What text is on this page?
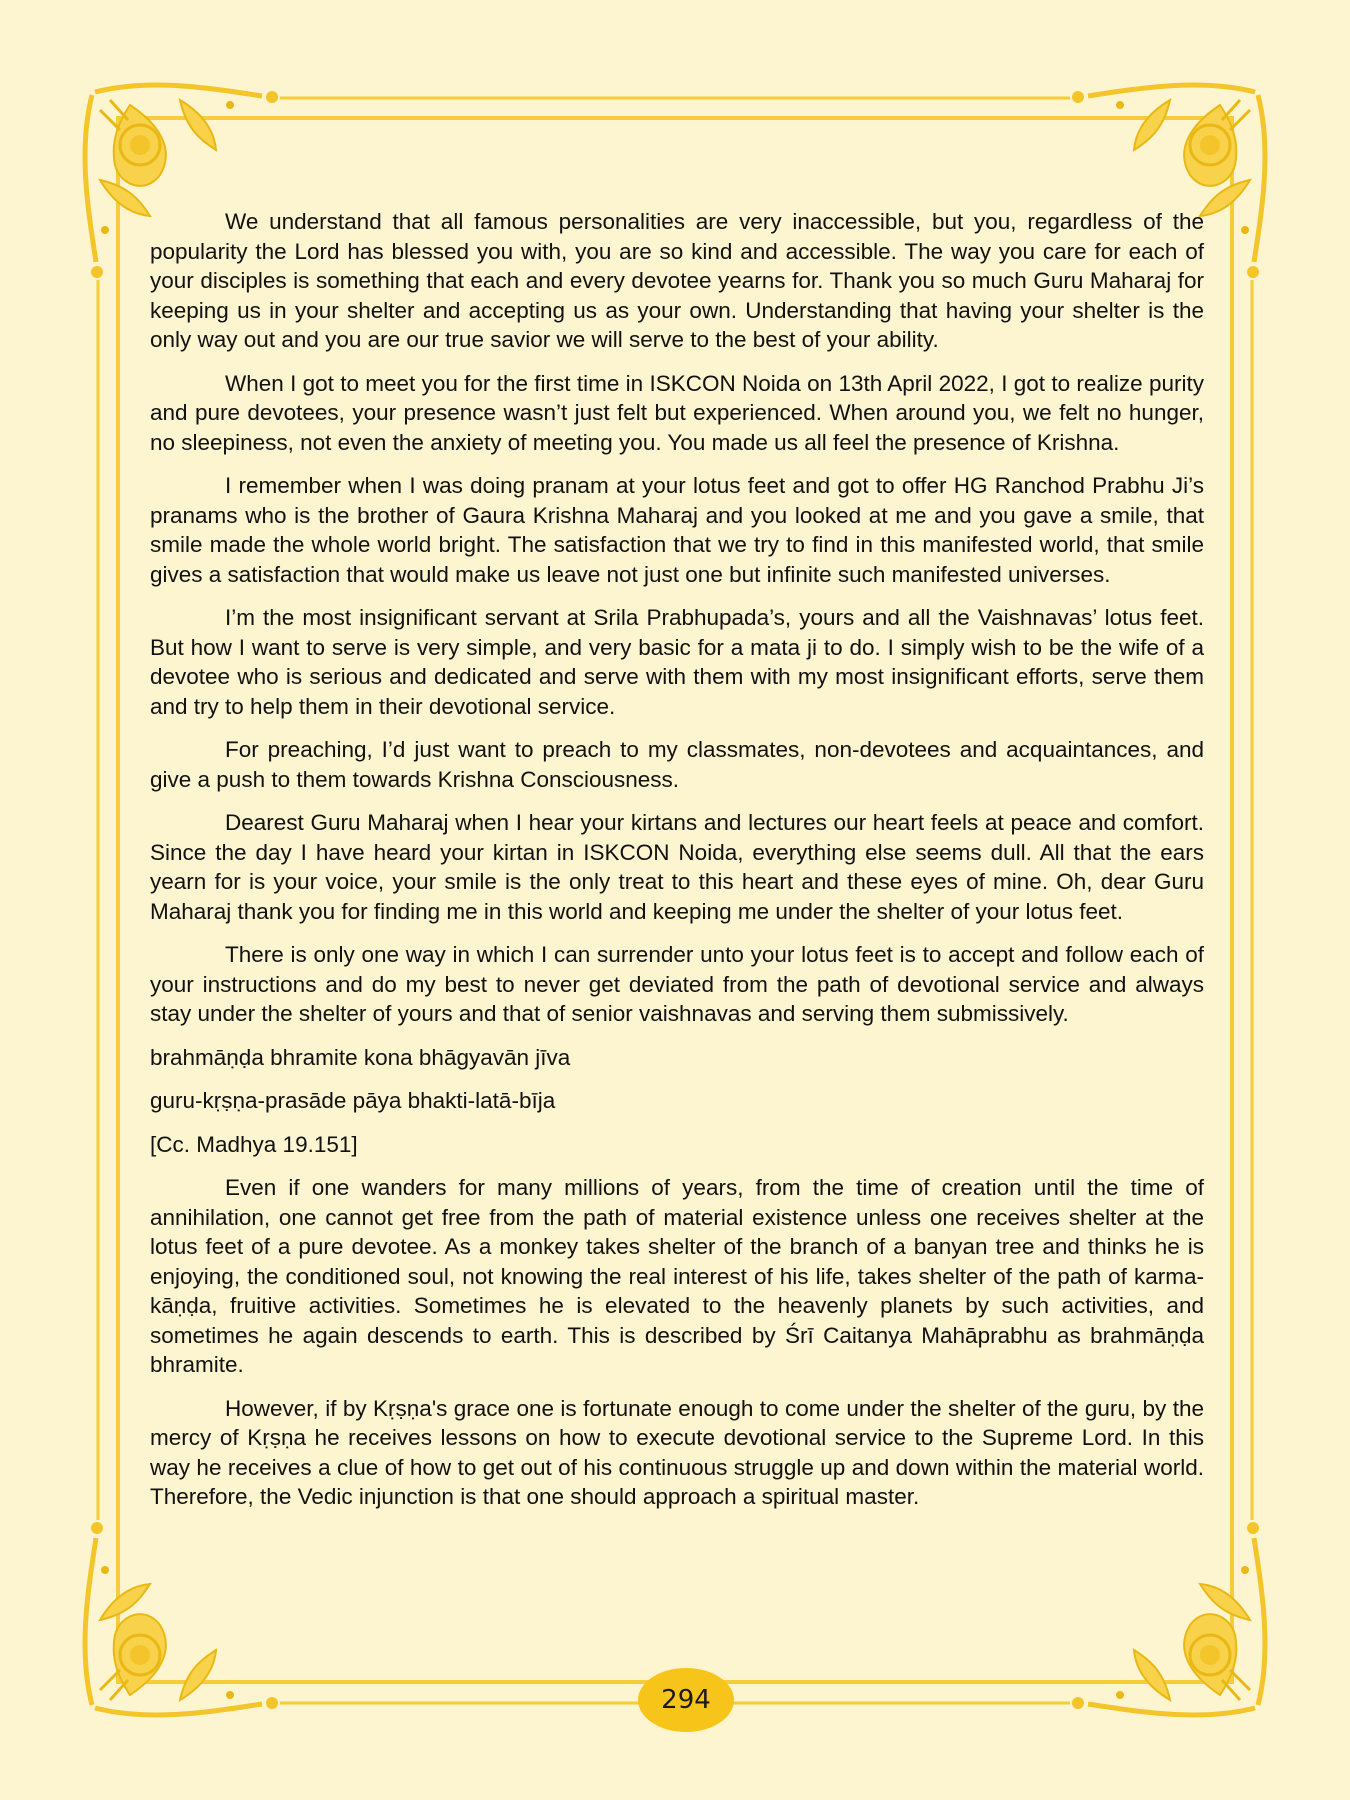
We understand that all famous personalities are very inaccessible, but you, regardless of the popularity the Lord has blessed you with, you are so kind and accessible. The way you care for each of your disciples is something that each and every devotee yearns for. Thank you so much Guru Maharaj for keeping us in your shelter and accepting us as your own. Understanding that having your shelter is the only way out and you are our true savior we will serve to the best of your ability.

When I got to meet you for the first time in ISKCON Noida on 13th April 2022, I got to realize purity and pure devotees, your presence wasn’t just felt but experienced. When around you, we felt no hunger, no sleepiness, not even the anxiety of meeting you. You made us all feel the presence of Krishna.

I remember when I was doing pranam at your lotus feet and got to offer HG Ranchod Prabhu Ji’s pranams who is the brother of Gaura Krishna Maharaj and you looked at me and you gave a smile, that smile made the whole world bright. The satisfaction that we try to find in this manifested world, that smile gives a satisfaction that would make us leave not just one but infinite such manifested universes.

I’m the most insignificant servant at Srila Prabhupada’s, yours and all the Vaishnavas’ lotus feet. But how I want to serve is very simple, and very basic for a mata ji to do. I simply wish to be the wife of a devotee who is serious and dedicated and serve with them with my most insignificant efforts, serve them and try to help them in their devotional service.

For preaching, I’d just want to preach to my classmates, non-devotees and acquaintances, and give a push to them towards Krishna Consciousness.

Dearest Guru Maharaj when I hear your kirtans and lectures our heart feels at peace and comfort. Since the day I have heard your kirtan in ISKCON Noida, everything else seems dull. All that the ears yearn for is your voice, your smile is the only treat to this heart and these eyes of mine. Oh, dear Guru Maharaj thank you for finding me in this world and keeping me under the shelter of your lotus feet.

There is only one way in which I can surrender unto your lotus feet is to accept and follow each of your instructions and do my best to never get deviated from the path of devotional service and always stay under the shelter of yours and that of senior vaishnavas and serving them submissively.

brahmāṇḍa bhramite kona bhāgyavān jīva

guru-kṛṣṇa-prasāde pāya bhakti-latā-bīja

[Cc. Madhya 19.151]

Even if one wanders for many millions of years, from the time of creation until the time of annihilation, one cannot get free from the path of material existence unless one receives shelter at the lotus feet of a pure devotee. As a monkey takes shelter of the branch of a banyan tree and thinks he is enjoying, the conditioned soul, not knowing the real interest of his life, takes shelter of the path of karma-kāṇḍa, fruitive activities. Sometimes he is elevated to the heavenly planets by such activities, and sometimes he again descends to earth. This is described by Śrī Caitanya Mahāprabhu as brahmāṇḍa bhramite.

However, if by Kṛṣṇa's grace one is fortunate enough to come under the shelter of the guru, by the mercy of Kṛṣṇa he receives lessons on how to execute devotional service to the Supreme Lord. In this way he receives a clue of how to get out of his continuous struggle up and down within the material world. Therefore, the Vedic injunction is that one should approach a spiritual master.

294
